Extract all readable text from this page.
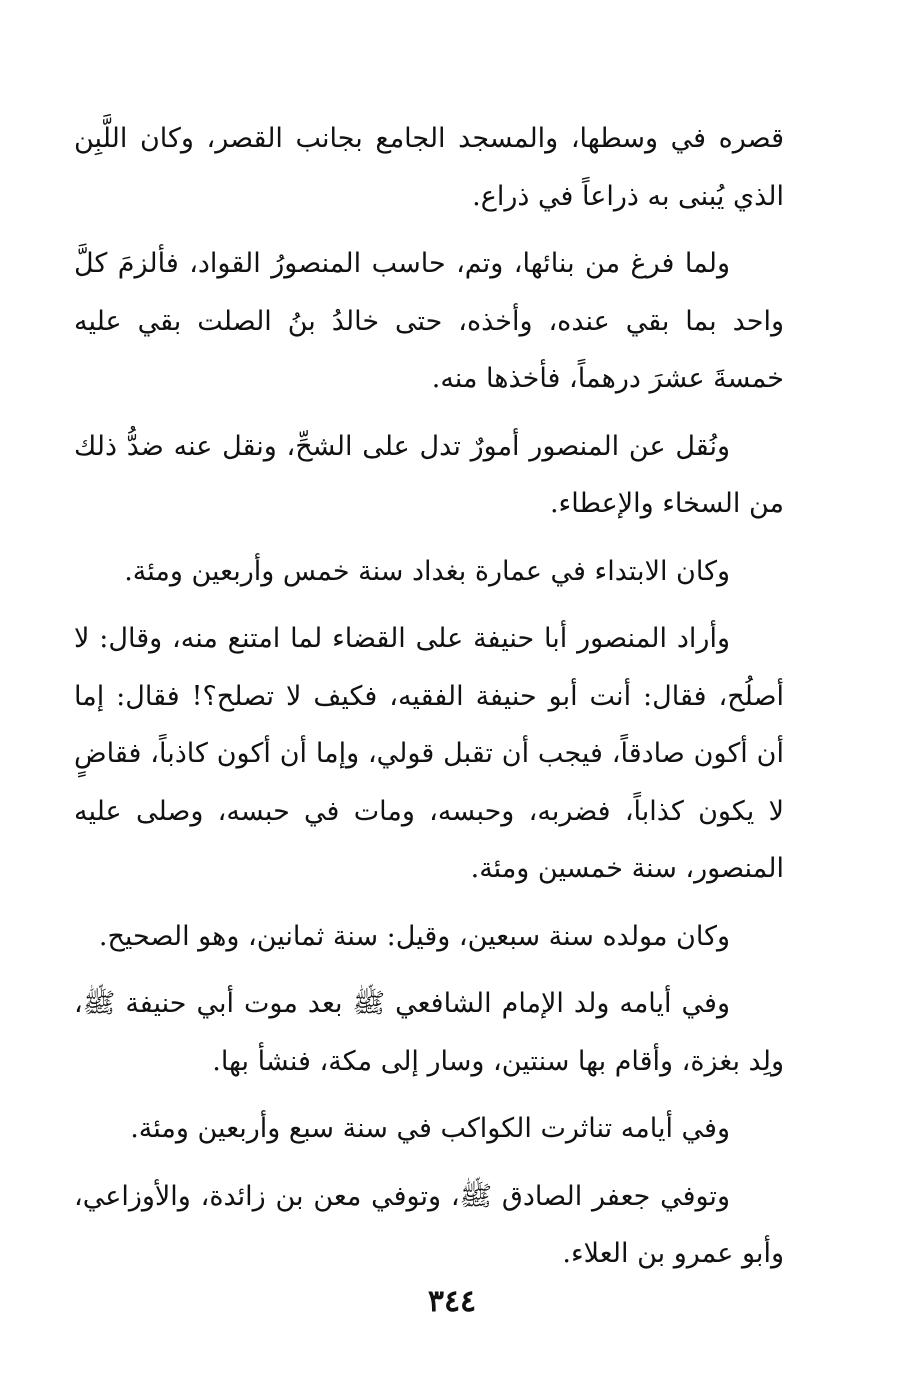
قصره في وسطها، والمسجد الجامع بجانب القصر، وكان اللَّبِن الذي يُبنى به ذراعاً في ذراع.

ولما فرغ من بنائها، وتم، حاسب المنصورُ القواد، فألزمَ كلَّ واحد بما بقي عنده، وأخذه، حتى خالدُ بنُ الصلت بقي عليه خمسةَ عشرَ درهماً، فأخذها منه.

ونُقل عن المنصور أمورٌ تدل على الشحِّ، ونقل عنه ضدُّ ذلك من السخاء والإعطاء.

وكان الابتداء في عمارة بغداد سنة خمس وأربعين ومئة.

وأراد المنصور أبا حنيفة على القضاء لما امتنع منه، وقال: لا أصلُح، فقال: أنت أبو حنيفة الفقيه، فكيف لا تصلح؟! فقال: إما أن أكون صادقاً، فيجب أن تقبل قولي، وإما أن أكون كاذباً، فقاضٍ لا يكون كذاباً، فضربه، وحبسه، ومات في حبسه، وصلى عليه المنصور، سنة خمسين ومئة.

وكان مولده سنة سبعين، وقيل: سنة ثمانين، وهو الصحيح.

وفي أيامه ولد الإمام الشافعي ﷺ بعد موت أبي حنيفة ﷺ، ولِد بغزة، وأقام بها سنتين، وسار إلى مكة، فنشأ بها.

وفي أيامه تناثرت الكواكب في سنة سبع وأربعين ومئة.

وتوفي جعفر الصادق ﷺ، وتوفي معن بن زائدة، والأوزاعي، وأبو عمرو بن العلاء.

٣٤٤
